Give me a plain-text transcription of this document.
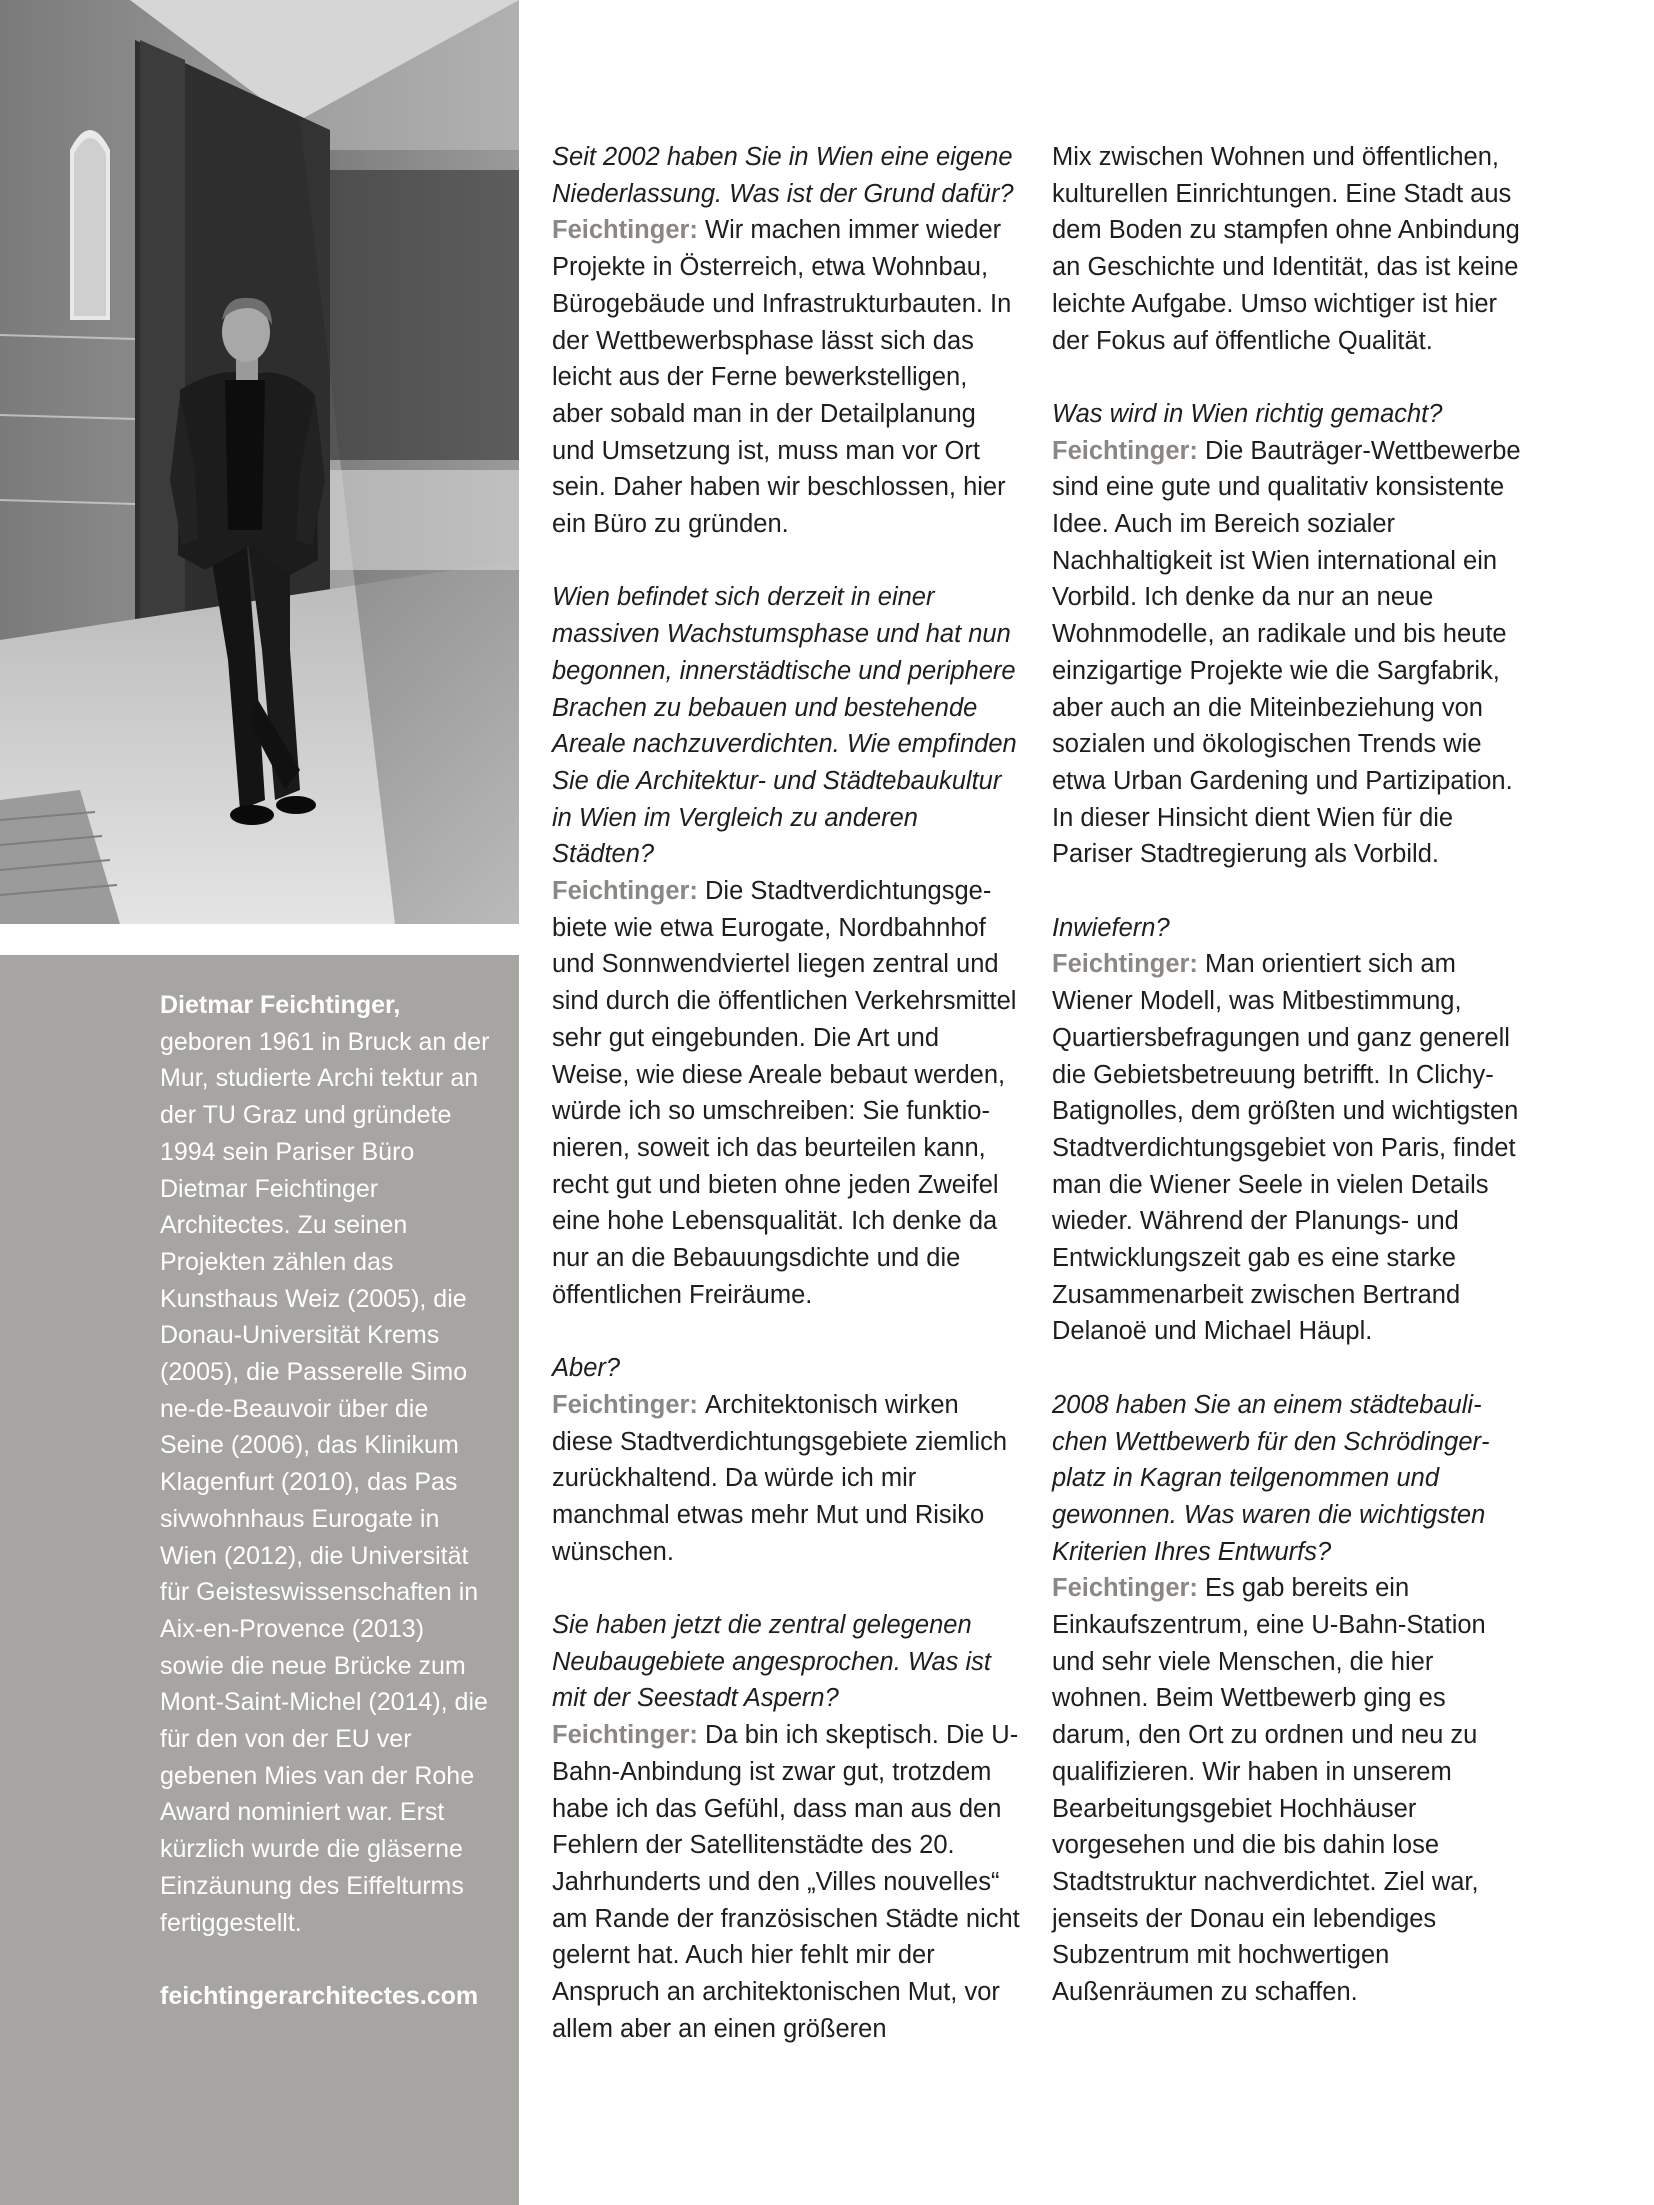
Dietmar Feichtinger,
geboren 1961 in Bruck an der Mur, studierte Archi tektur an der TU Graz und gründete 1994 sein Pariser Büro Dietmar Feichtinger Architectes. Zu seinen Projekten zählen das Kunsthaus Weiz (2005), die Donau-Universität Krems (2005), die Passerelle Simo ne-de-Beauvoir über die Seine (2006), das Klinikum Klagenfurt (2010), das Pas sivwohnhaus Eurogate in Wien (2012), die Universität für Geisteswissenschaften in Aix-en-Provence (2013) sowie die neue Brücke zum Mont-Saint-Michel (2014), die für den von der EU ver gebenen Mies van der Rohe Award nominiert war. Erst kürzlich wurde die gläserne Einzäunung des Eiffelturms fertiggestellt.
feichtingerarchitectes.com

Seit 2002 haben Sie in Wien eine eigene Niederlassung. Was ist der Grund dafür?
Feichtinger: Wir machen immer wieder Projekte in Österreich, etwa Wohnbau, Bürogebäude und Infrastrukturbauten. In der Wettbewerbsphase lässt sich das leicht aus der Ferne bewerkstelligen, aber sobald man in der Detailplanung und Umsetzung ist, muss man vor Ort sein. Daher haben wir beschlossen, hier ein Büro zu gründen.

Wien befindet sich derzeit in einer massiven Wachstumsphase und hat nun begonnen, innerstädtische und periphere Brachen zu bebauen und bestehende Areale nachzuverdichten. Wie empfinden Sie die Architektur- und Städtebaukultur in Wien im Vergleich zu anderen Städten?
Feichtinger: Die Stadtverdichtungsgebiete wie etwa Eurogate, Nordbahnhof und Sonnwendviertel liegen zentral und sind durch die öffentlichen Verkehrsmittel sehr gut eingebunden. Die Art und Weise, wie diese Areale bebaut werden, würde ich so umschreiben: Sie funktionieren, soweit ich das beurteilen kann, recht gut und bieten ohne jeden Zweifel eine hohe Lebensqualität. Ich denke da nur an die Bebauungsdichte und die öffentlichen Freiräume.

Aber?
Feichtinger: Architektonisch wirken diese Stadtverdichtungsgebiete ziemlich zurückhaltend. Da würde ich mir manchmal etwas mehr Mut und Risiko wünschen.

Sie haben jetzt die zentral gelegenen Neubaugebiete angesprochen. Was ist mit der Seestadt Aspern?
Feichtinger: Da bin ich skeptisch. Die U-Bahn-Anbindung ist zwar gut, trotzdem habe ich das Gefühl, dass man aus den Fehlern der Satellitenstädte des 20. Jahrhunderts und den „Villes nouvelles“ am Rande der französischen Städte nicht gelernt hat. Auch hier fehlt mir der Anspruch an architektonischen Mut, vor allem aber an einen größeren

Mix zwischen Wohnen und öffentlichen, kulturellen Einrichtungen. Eine Stadt aus dem Boden zu stampfen ohne Anbindung an Geschichte und Identität, das ist keine leichte Aufgabe. Umso wichtiger ist hier der Fokus auf öffentliche Qualität.

Was wird in Wien richtig gemacht?
Feichtinger: Die Bauträger-Wettbewerbe sind eine gute und qualitativ konsistente Idee. Auch im Bereich sozialer Nachhaltigkeit ist Wien international ein Vorbild. Ich denke da nur an neue Wohnmodelle, an radikale und bis heute einzigartige Projekte wie die Sargfabrik, aber auch an die Miteinbeziehung von sozialen und ökologischen Trends wie etwa Urban Gardening und Partizipation. In dieser Hinsicht dient Wien für die Pariser Stadtregierung als Vorbild.

Inwiefern?
Feichtinger: Man orientiert sich am Wiener Modell, was Mitbestimmung, Quartiersbefragungen und ganz generell die Gebietsbetreuung betrifft. In Clichy-Batignolles, dem größten und wichtigsten Stadtverdichtungsgebiet von Paris, findet man die Wiener Seele in vielen Details wieder. Während der Planungs- und Entwicklungszeit gab es eine starke Zusammenarbeit zwischen Bertrand Delanoë und Michael Häupl.

2008 haben Sie an einem städtebaulichen Wettbewerb für den Schrödingerplatz in Kagran teilgenommen und gewonnen. Was waren die wichtigsten Kriterien Ihres Entwurfs?
Feichtinger: Es gab bereits ein Einkaufszentrum, eine U-Bahn-Station und sehr viele Menschen, die hier wohnen. Beim Wettbewerb ging es darum, den Ort zu ordnen und neu zu qualifizieren. Wir haben in unserem Bearbeitungsgebiet Hochhäuser vorgesehen und die bis dahin lose Stadtstruktur nachverdichtet. Ziel war, jenseits der Donau ein lebendiges Subzentrum mit hochwertigen Außenräumen zu schaffen.
